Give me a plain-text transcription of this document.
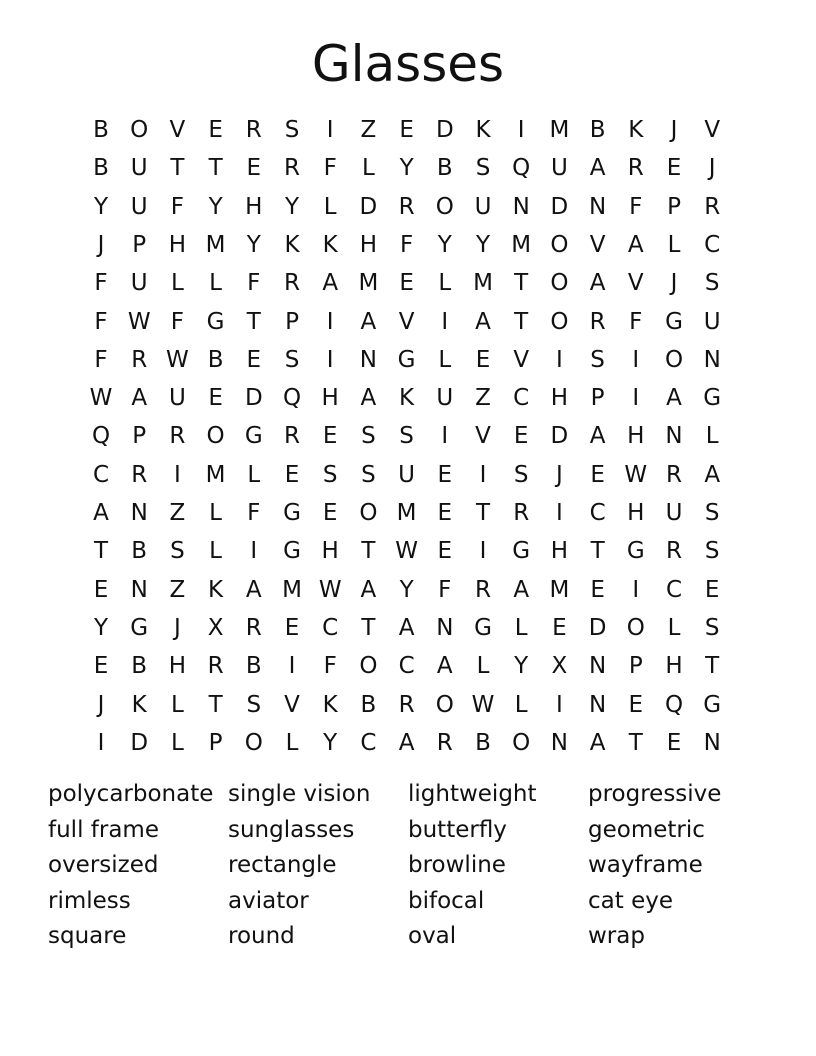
Glasses
B O V	E R S	I	Z	E D K	I	M B K	J	V
B U T	T	E R	F	L	Y	B	S Q U A R E	J
Y U	F	Y H Y	L D R O U N D N F	P	R
J	P H M Y	K	K H F	Y	Y M O V A	L	C
F	U	L	L	F	R A M E	L M T O A V	J	S
F W F G T	P	I	A V	I	A	T O R	F G U
F	R W B	E	S	I	N G L	E	V	I	S	I	O N
W A U E D Q H A K U Z C H P	I	A G
Q P	R O G R E	S	S	I	V	E D A H N	L
C R	I	M L	E	S	S U E	I	S	J	E W R A
A N Z	L	F G E O M E	T	R	I	C H U S
T	B	S	L	I	G H T W E	I	G H T G R S
E N Z K A M W A	Y	F	R A M E	I	C E
Y G	J	X R E C	T	A N G L	E D O L	S
E	B H R B	I	F O C A	L	Y	X N P H T
J	K	L	T	S	V K B R O W L	I	N E Q G
I	D L	P O L	Y	C A R B O N A	T	E N
polycarbonate
full frame
oversized
rimless
square
single vision
sunglasses
rectangle
aviator
round
lightweight
butterfly
browline
bifocal
oval
progressive
geometric
wayframe
cat eye
wrap
